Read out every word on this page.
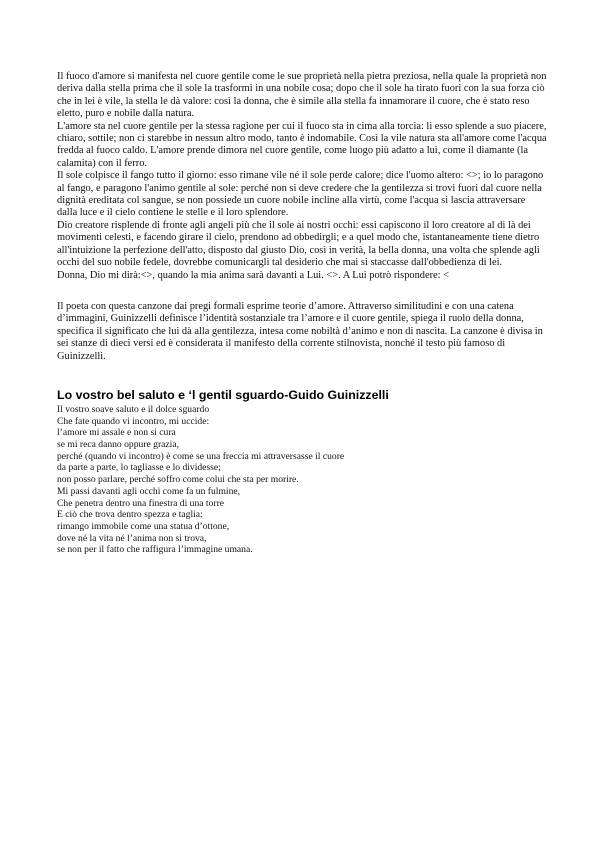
Il fuoco d'amore si manifesta nel cuore gentile come le sue proprietà nella pietra preziosa, nella quale la proprietà non deriva dalla stella prima che il sole la trasformi in una nobile cosa; dopo che il sole ha tirato fuori con la sua forza ciò che in lei è vile, la stella le dà valore: così la donna, che è simile alla stella fa innamorare il cuore, che è stato reso eletto, puro e nobile dalla natura.

L'amore sta nel cuore gentile per la stessa ragione per cui il fuoco sta in cima alla torcia: lì esso splende a suo piacere, chiaro, sottile; non ci starebbe in nessun altro modo, tanto è indomabile. Così la vile natura sta all'amore come l'acqua fredda al fuoco caldo. L'amore prende dimora nel cuore gentile, come luogo più adatto a lui, come il diamante (la calamita) con il ferro.

Il sole colpisce il fango tutto il giorno: esso rimane vile né il sole perde calore; dice l'uomo altero: <>; io lo paragono al fango, e paragono l'animo gentile al sole: perché non si deve credere che la gentilezza si trovi fuori dal cuore nella dignità ereditata col sangue, se non possiede un cuore nobile incline alla virtù, come l'acqua si lascia attraversare dalla luce e il cielo contiene le stelle e il loro splendore.

Dio creatore risplende di fronte agli angeli più che il sole ai nostri occhi: essi capiscono il loro creatore al di là dei movimenti celesti, e facendo girare il cielo, prendono ad obbedirgli; e a quel modo che, istantaneamente tiene dietro all'intuizione la perfezione dell'atto, disposto dal giusto Dio, così in verità, la bella donna, una volta che splende agli occhi del suo nobile fedele, dovrebbe comunicargli tal desiderio che mai si staccasse dall'obbedienza di lei.

Donna, Dio mi dirà:<>, quando la mia anima sarà davanti a Lui. <>. A Lui potrò rispondere: <

Il poeta con questa canzone dai pregi formali esprime teorie d’amore. Attraverso similitudini e con una catena d’immagini, Guinizzelli definisce l’identità sostanziale tra l’amore e il cuore gentile, spiega il ruolo della donna, specifica il significato che lui dà alla gentilezza, intesa come nobiltà d’animo e non di nascita. La canzone è divisa in sei stanze di dieci versi ed è considerata il manifesto della corrente stilnovista, nonché il testo più famoso di Guinizzelli.

Lo vostro bel saluto e ‘l gentil sguardo-Guido Guinizzelli
Il vostro soave saluto e il dolce sguardo
Che fate quando vi incontro, mi uccide:
l’amore mi assale e non si cura
se mi reca danno oppure grazia,
perché (quando vi incontro) è come se una freccia mi attraversasse il cuore
da parte a parte, lo tagliasse e lo dividesse;
non posso parlare, perché soffro come colui che sta per morire.
Mi passi davanti agli occhi come fa un fulmine,
Che penetra dentro una finestra di una torre
E ciò che trova dentro spezza e taglia:
rimango immobile come una statua d’ottone,
dove né la vita né l’anima non si trova,
se non per il fatto che raffigura l’immagine umana.
